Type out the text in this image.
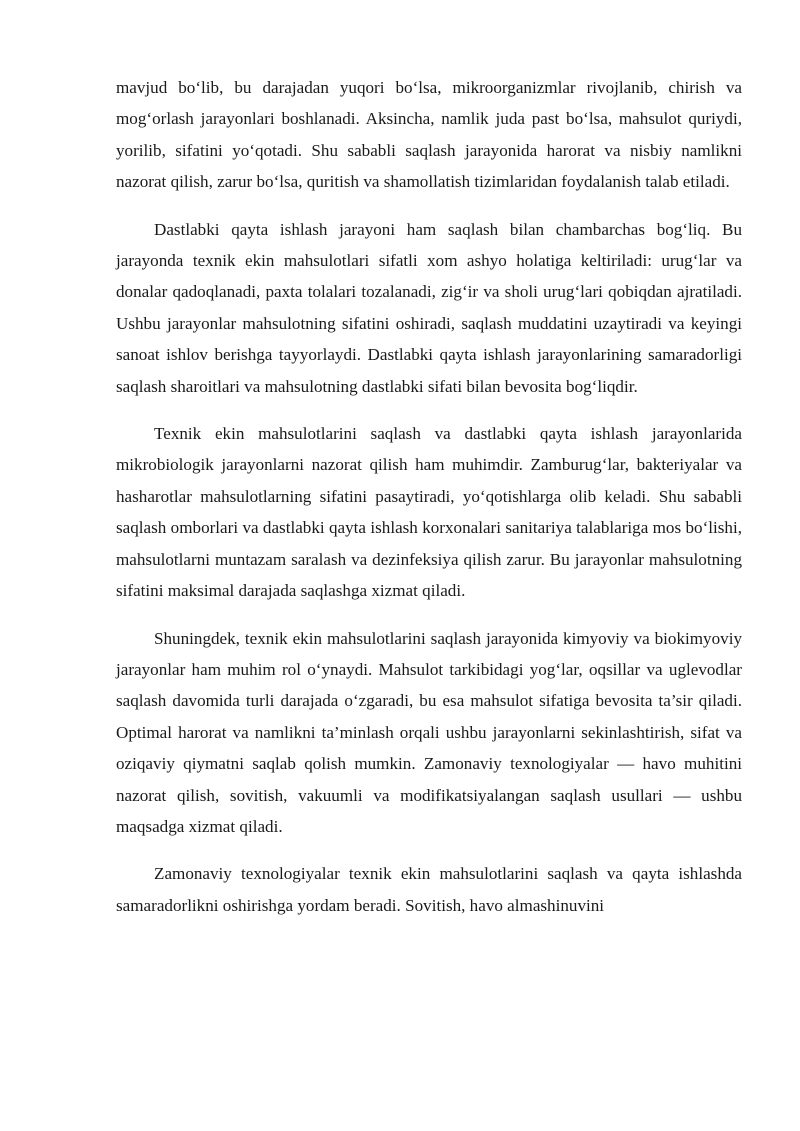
mavjud bo‘lib, bu darajadan yuqori bo‘lsa, mikroorganizmlar rivojlanib, chirish va mog‘orlash jarayonlari boshlanadi. Aksincha, namlik juda past bo‘lsa, mahsulot quriydi, yorilib, sifatini yo‘qotadi. Shu sababli saqlash jarayonida harorat va nisbiy namlikni nazorat qilish, zarur bo‘lsa, quritish va shamollatish tizimlaridan foydalanish talab etiladi.

Dastlabki qayta ishlash jarayoni ham saqlash bilan chambarchas bog‘liq. Bu jarayonda texnik ekin mahsulotlari sifatli xom ashyo holatiga keltiriladi: urug‘lar va donalar qadoqlanadi, paxta tolalari tozalanadi, zig‘ir va sholi urug‘lari qobiqdan ajratiladi. Ushbu jarayonlar mahsulotning sifatini oshiradi, saqlash muddatini uzaytiradi va keyingi sanoat ishlov berishga tayyorlaydi. Dastlabki qayta ishlash jarayonlarining samaradorligi saqlash sharoitlari va mahsulotning dastlabki sifati bilan bevosita bog‘liqdir.

Texnik ekin mahsulotlarini saqlash va dastlabki qayta ishlash jarayonlarida mikrobiologik jarayonlarni nazorat qilish ham muhimdir. Zamburug‘lar, bakteriyalar va hasharotlar mahsulotlarning sifatini pasaytiradi, yo‘qotishlarga olib keladi. Shu sababli saqlash omborlari va dastlabki qayta ishlash korxonalari sanitariya talablariga mos bo‘lishi, mahsulotlarni muntazam saralash va dezinfeksiya qilish zarur. Bu jarayonlar mahsulotning sifatini maksimal darajada saqlashga xizmat qiladi.

Shuningdek, texnik ekin mahsulotlarini saqlash jarayonida kimyoviy va biokimyoviy jarayonlar ham muhim rol o‘ynaydi. Mahsulot tarkibidagi yog‘lar, oqsillar va uglevodlar saqlash davomida turli darajada o‘zgaradi, bu esa mahsulot sifatiga bevosita ta’sir qiladi. Optimal harorat va namlikni ta’minlash orqali ushbu jarayonlarni sekinlashtirish, sifat va oziqaviy qiymatni saqlab qolish mumkin. Zamonaviy texnologiyalar — havo muhitini nazorat qilish, sovitish, vakuumli va modifikatsiyalangan saqlash usullari — ushbu maqsadga xizmat qiladi.

Zamonaviy texnologiyalar texnik ekin mahsulotlarini saqlash va qayta ishlashda samaradorlikni oshirishga yordam beradi. Sovitish, havo almashinuvini
